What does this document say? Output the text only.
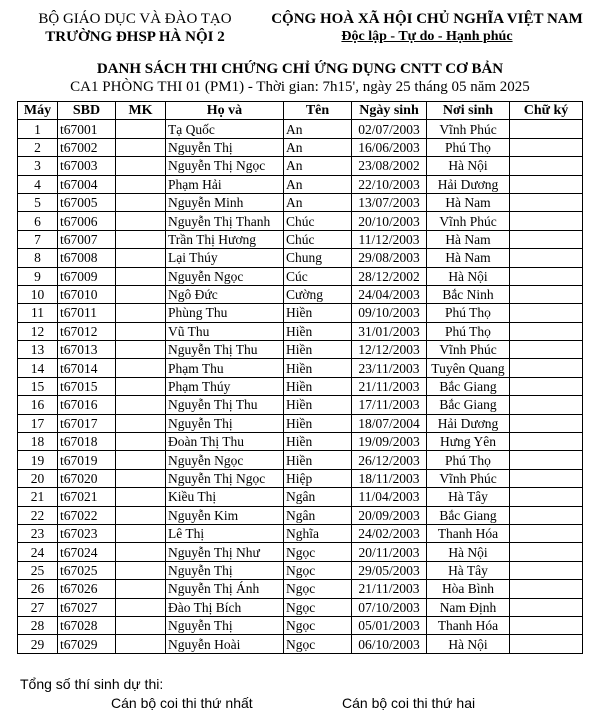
BỘ GIÁO DỤC VÀ ĐÀO TẠO
TRƯỜNG ĐHSP HÀ NỘI 2
CỘNG HOÀ XÃ HỘI CHỦ NGHĨA VIỆT NAM
Độc lập - Tự do - Hạnh phúc
DANH SÁCH THI CHỨNG CHỈ ỨNG DỤNG CNTT CƠ BẢN
CA1 PHÒNG THI 01 (PM1) - Thời gian: 7h15', ngày 25 tháng 05 năm 2025
Máy	SBD	MK	Họ và	Tên	Ngày sinh	Nơi sinh	Chữ ký
1	t67001		Tạ Quốc	An	02/07/2003	Vĩnh Phúc	
2	t67002		Nguyễn Thị	An	16/06/2003	Phú Thọ	
3	t67003		Nguyễn Thị Ngọc	An	23/08/2002	Hà Nội	
4	t67004		Phạm Hải	An	22/10/2003	Hải Dương	
5	t67005		Nguyễn Minh	An	13/07/2003	Hà Nam	
6	t67006		Nguyễn Thị Thanh	Chúc	20/10/2003	Vĩnh Phúc	
7	t67007		Trần Thị Hương	Chúc	11/12/2003	Hà Nam	
8	t67008		Lại Thúy	Chung	29/08/2003	Hà Nam	
9	t67009		Nguyễn Ngọc	Cúc	28/12/2002	Hà Nội	
10	t67010		Ngô Đức	Cường	24/04/2003	Bắc Ninh	
11	t67011		Phùng Thu	Hiền	09/10/2003	Phú Thọ	
12	t67012		Vũ Thu	Hiền	31/01/2003	Phú Thọ	
13	t67013		Nguyễn Thị Thu	Hiền	12/12/2003	Vĩnh Phúc	
14	t67014		Phạm Thu	Hiền	23/11/2003	Tuyên Quang	
15	t67015		Phạm Thúy	Hiền	21/11/2003	Bắc Giang	
16	t67016		Nguyễn Thị Thu	Hiền	17/11/2003	Bắc Giang	
17	t67017		Nguyễn Thị	Hiền	18/07/2004	Hải Dương	
18	t67018		Đoàn Thị Thu	Hiền	19/09/2003	Hưng Yên	
19	t67019		Nguyễn Ngọc	Hiền	26/12/2003	Phú Thọ	
20	t67020		Nguyễn Thị Ngọc	Hiệp	18/11/2003	Vĩnh Phúc	
21	t67021		Kiều Thị	Ngân	11/04/2003	Hà Tây	
22	t67022		Nguyễn Kim	Ngân	20/09/2003	Bắc Giang	
23	t67023		Lê Thị	Nghĩa	24/02/2003	Thanh Hóa	
24	t67024		Nguyễn Thị Như	Ngọc	20/11/2003	Hà Nội	
25	t67025		Nguyễn Thị	Ngọc	29/05/2003	Hà Tây	
26	t67026		Nguyễn Thị Ánh	Ngọc	21/11/2003	Hòa Bình	
27	t67027		Đào Thị Bích	Ngọc	07/10/2003	Nam Định	
28	t67028		Nguyễn Thị	Ngọc	05/01/2003	Thanh Hóa	
29	t67029		Nguyễn Hoài	Ngọc	06/10/2003	Hà Nội	
Tổng số thí sinh dự thi:
Cán bộ coi thi thứ nhất	Cán bộ coi thi thứ hai
